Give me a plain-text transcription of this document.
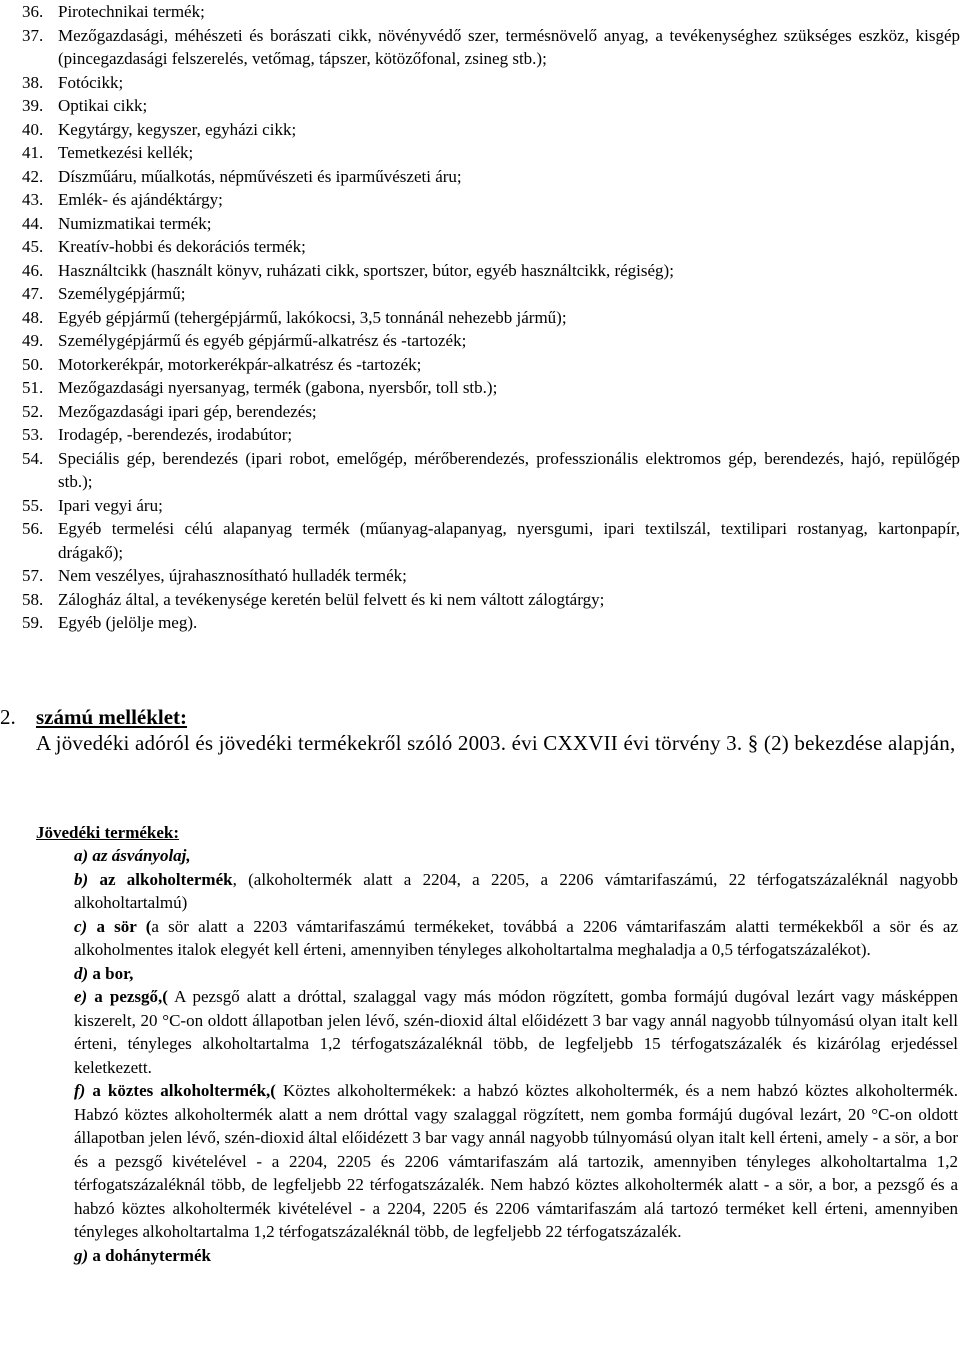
36. Pirotechnikai termék;
37. Mezőgazdasági, méhészeti és borászati cikk, növényvédő szer, termésnövelő anyag, a tevékenységhez szükséges eszköz, kisgép (pincegazdasági felszerelés, vetőmag, tápszer, kötözőfonal, zsineg stb.);
38. Fotócikk;
39. Optikai cikk;
40. Kegytárgy, kegyszer, egyházi cikk;
41. Temetkezési kellék;
42. Díszműáru, műalkotás, népművészeti és iparművészeti áru;
43. Emlék- és ajándéktárgy;
44. Numizmatikai termék;
45. Kreatív-hobbi és dekorációs termék;
46. Használtcikk (használt könyv, ruházati cikk, sportszer, bútor, egyéb használtcikk, régiség);
47. Személygépjármű;
48. Egyéb gépjármű (tehergépjármű, lakókocsi, 3,5 tonnánál nehezebb jármű);
49. Személygépjármű és egyéb gépjármű-alkatrész és -tartozék;
50. Motorkerékpár, motorkerékpár-alkatrész és -tartozék;
51. Mezőgazdasági nyersanyag, termék (gabona, nyersbőr, toll stb.);
52. Mezőgazdasági ipari gép, berendezés;
53. Irodagép, -berendezés, irodabútor;
54. Speciális gép, berendezés (ipari robot, emelőgép, mérőberendezés, professzionális elektromos gép, berendezés, hajó, repülőgép stb.);
55. Ipari vegyi áru;
56. Egyéb termelési célú alapanyag termék (műanyag-alapanyag, nyersgumi, ipari textilszál, textilipari rostanyag, kartonpapír, drágakő);
57. Nem veszélyes, újrahasznosítható hulladék termék;
58. Zálogház által, a tevékenysége keretén belül felvett és ki nem váltott zálogtárgy;
59. Egyéb (jelölje meg).
2. számú melléklet:
A jövedéki adóról és jövedéki termékekről szóló 2003. évi CXXVII évi törvény 3. § (2) bekezdése alapján,
Jövedéki termékek:
a) az ásványolaj,
b) az alkoholtermék, (alkoholtermék alatt a 2204, a 2205, a 2206 vámtarifaszámú, 22 térfogatszázaléknál nagyobb alkoholtartalmú)
c) a sör (a sör alatt a 2203 vámtarifaszámú termékeket, továbbá a 2206 vámtarifaszám alatti termékekből a sör és az alkoholmentes italok elegyét kell érteni, amennyiben tényleges alkoholtartalma meghaladja a 0,5 térfogatszázalékot).
d) a bor,
e) a pezsgő,( A pezsgő alatt a dróttal, szalaggal vagy más módon rögzített, gomba formájú dugóval lezárt vagy másképpen kiszerelt, 20 °C-on oldott állapotban jelen lévő, szén-dioxid által előidézett 3 bar vagy annál nagyobb túlnyomású olyan italt kell érteni, tényleges alkoholtartalma 1,2 térfogatszázaléknál több, de legfeljebb 15 térfogatszázalék és kizárólag erjedéssel keletkezett.
f) a köztes alkoholtermék,( Köztes alkoholtermékek: a habzó köztes alkoholtermék, és a nem habzó köztes alkoholtermék. Habzó köztes alkoholtermék alatt a nem dróttal vagy szalaggal rögzített, nem gomba formájú dugóval lezárt, 20 °C-on oldott állapotban jelen lévő, szén-dioxid által előidézett 3 bar vagy annál nagyobb túlnyomású olyan italt kell érteni, amely - a sör, a bor és a pezsgő kivételével - a 2204, 2205 és 2206 vámtarifaszám alá tartozik, amennyiben tényleges alkoholtartalma 1,2 térfogatszázaléknál több, de legfeljebb 22 térfogatszázalék. Nem habzó köztes alkoholtermék alatt - a sör, a bor, a pezsgő és a habzó köztes alkoholtermék kivételével - a 2204, 2205 és 2206 vámtarifaszám alá tartozó terméket kell érteni, amennyiben tényleges alkoholtartalma 1,2 térfogatszázaléknál több, de legfeljebb 22 térfogatszázalék.
g) a dohánytermék
